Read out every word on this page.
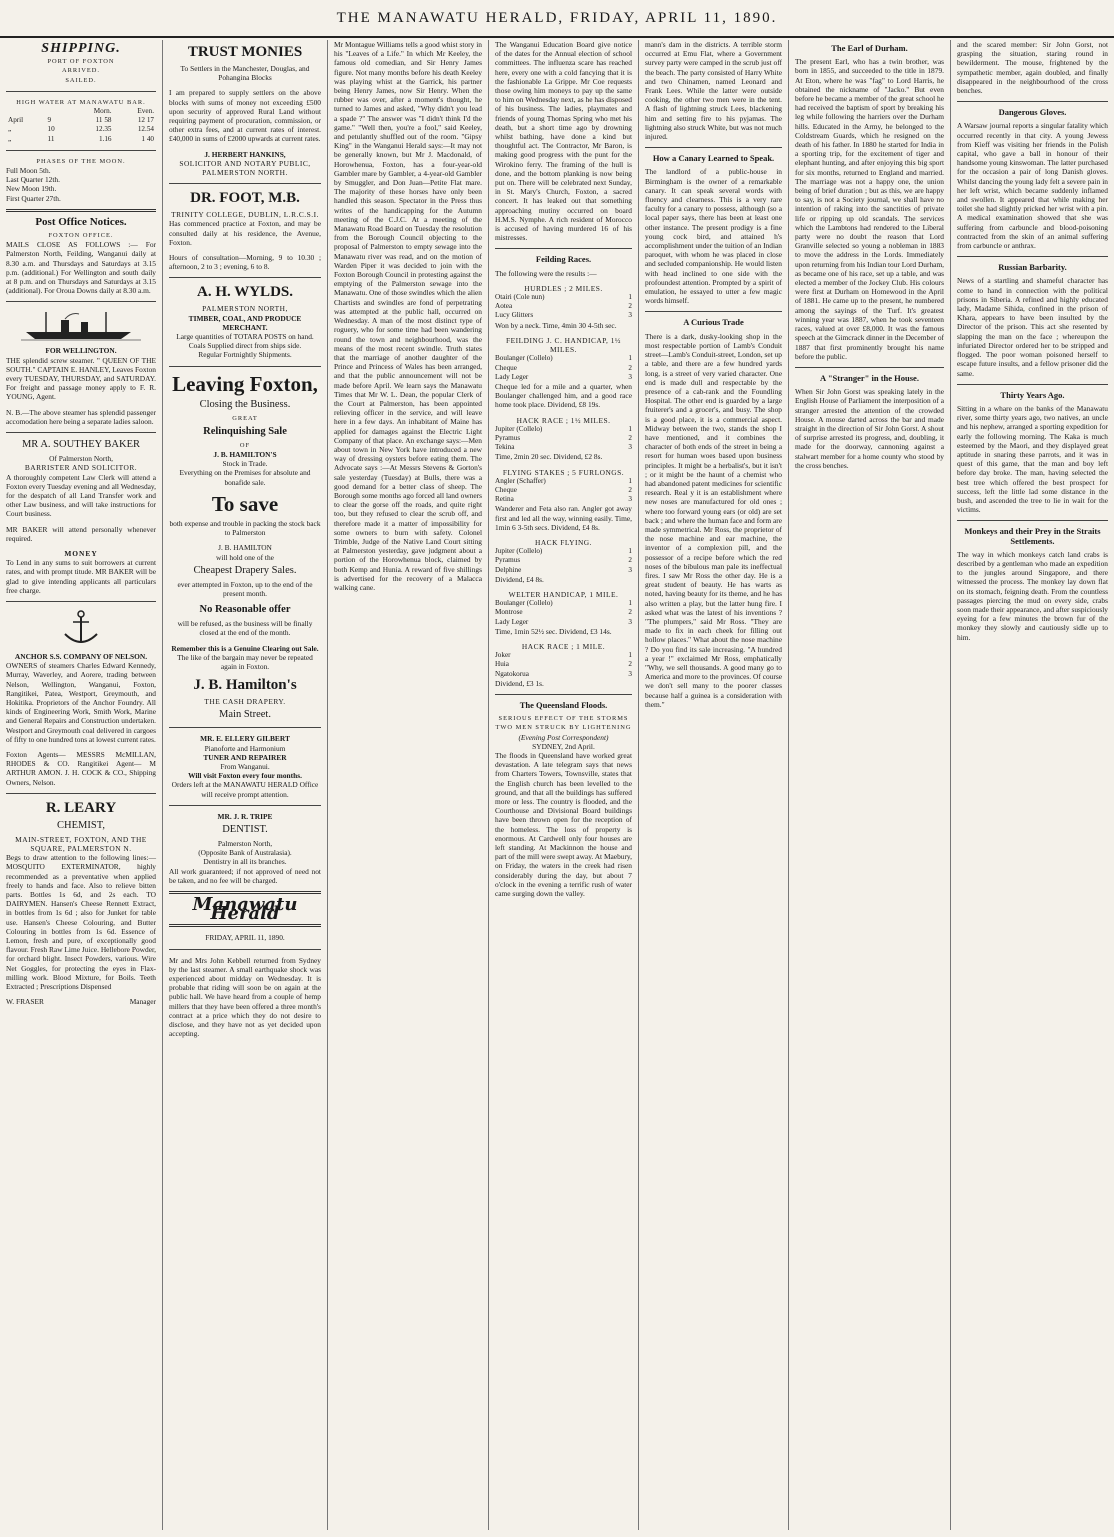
THE MANAWATU HERALD, FRIDAY, APRIL 11, 1890.
SHIPPING.
PORT OF FOXTON
ARRIVED.
SAILED.
HIGH WATER AT MANAWATU BAR.
		Morn.	Even.
April	9	11 58	12 17
„	10	12.35	12.54
„	11	1.16	1 40
PHASES OF THE MOON.
Full Moon 5th.
Last Quarter 12th.
New Moon 19th.
First Quarter 27th.
Post Office Notices.
FOXTON OFFICE.
MAILS CLOSE AS FOLLOWS :— For Palmerston North, Feilding, Wanganui daily at 8.30 a.m. and Thursdays and Saturdays at 3.15 p.m. (additional.) For Wellington and south daily at 8 p.m. and on Thursdays and Saturdays at 3.15 (additional). For Oroua Downs daily at 8.30 a.m.
FOR WELLINGTON.
THE splendid screw steamer. " QUEEN OF THE SOUTH." CAPTAIN E. HANLEY, Leaves Foxton every TUESDAY, THURSDAY, and SATURDAY. For freight and passage money apply to F. R. YOUNG, Agent.
N. B.—The above steamer has splendid passenger accomodation here being a separate ladies saloon.
MR A. SOUTHEY BAKER
Of Palmerston North,
BARRISTER AND SOLICITOR.
A thoroughly competent Law Clerk will attend a Foxton every Tuesday evening and all Wednesday, for the despatch of all Land Transfer work and other Law business, and will take instructions for Court business.
MR BAKER will attend personally whenever required.
MONEY
To Lend in any sums to suit borrowers at current rates, and with prompt titude. MR BAKER will be glad to give intending applicants all particulars free charge.
ANCHOR S.S. COMPANY OF NELSON.
OWNERS of steamers Charles Edward Kennedy, Murray, Waverley, and Aorere, trading between Nelson, Wellington, Wanganui, Foxton, Rangitikei, Patea, Westport, Greymouth, and Hokitika. Proprietors of the Anchor Foundry. All kinds of Engineering Work, Smith Work, Marine and General Repairs and Construction undertaken. Westport and Greymouth coal delivered in cargoes of fifty to one hundred tons at lowest current rates.
Foxton Agents— MESSRS McMILLAN, RHODES & CO. Rangitikei Agent— M ARTHUR AMON. J. H. COCK & CO., Shipping Owners, Nelson.
R. LEARY
CHEMIST,
MAIN-STREET, FOXTON, AND THE SQUARE, PALMERSTON N.
Begs to draw attention to the following lines:— MOSQUITO EXTERMINATOR, highly recommended as a preventative when applied freely to hands and face. Also to relieve bitten parts. Bottles 1s 6d, and 2s each. TO DAIRYMEN. Hansen's Cheese Rennett Extract, in bottles from 1s 6d ; also for Junket for table use. Hansen's Cheese Colouring, and Butter Colouring in bottles from 1s 6d. Essence of Lemon, fresh and pure, of exceptionally good flavour. Fresh Raw Lime Juice. Hellebore Powder, for orchard blight. Insect Powders, various. Wire Net Goggles, for protecting the eyes in Flax-milling work. Blood Mixture, for Boils. Teeth Extracted ; Prescriptions Dispensed
W. FRASER	Manager
TRUST MONIES
To Settlers in the Manchester, Douglas, and Pohangina Blocks
I am prepared to supply settlers on the above blocks with sums of money not exceeding £500 upon security of approved Rural Land without requiring payment of procuration, commission, or other extra fees, and at current rates of interest. £40,000 in sums of £2000 upwards at current rates.
J. HERBERT HANKINS,
SOLICITOR AND NOTARY PUBLIC, PALMERSTON NORTH.
DR. FOOT, M.B.
TRINITY COLLEGE, DUBLIN, L.R.C.S.I.
Has commenced practice at Foxton, and may be consulted daily at his residence, the Avenue, Foxton.
Hours of consultation—Morning, 9 to 10.30 ; afternoon, 2 to 3 ; evening, 6 to 8.
A. H. WYLDS.
PALMERSTON NORTH,
TIMBER, COAL, AND PRODUCE MERCHANT.
Large quantities of TOTARA POSTS on hand.
Coals Supplied direct from ships side.
Regular Fortnightly Shipments.
Leaving Foxton,
Closing the Business.
GREAT
Relinquishing Sale
OF
J. B. HAMILTON'S
Stock in Trade.
Everything on the Premises for absolute and bonafide sale.
To save
both expense and trouble in packing the stock back to Palmerston
J. B. HAMILTON
will hold one of the
Cheapest Drapery Sales.
ever attempted in Foxton, up to the end of the present month.
No Reasonable offer
will be refused, as the business will be finally closed at the end of the month.
Remember this is a Genuine Clearing out Sale.
The like of the bargain may never be repeated again in Foxton.
J. B. Hamilton's
THE CASH DRAPERY.
Main Street.
MR. E. ELLERY GILBERT
Pianoforte and Harmonium
TUNER AND REPAIRER
From Wanganui.
Will visit Foxton every four months.
Orders left at the MANAWATU HERALD Office will receive prompt attention.
MR. J. R. TRIPE
DENTIST.
Palmerston North,
(Opposite Bank of Australasia).
Dentistry in all its branches.
All work guaranteed; if not approved of need not be taken, and no fee will be charged.
Manawatu Herald
FRIDAY, APRIL 11, 1890.
Mr and Mrs John Kebbell returned from Sydney by the last steamer. A small earthquake shock was experienced about midday on Wednesday. It is probable that riding will soon be on again at the public hall. We have heard from a couple of hemp millers that they have been offered a three month's contract at a price which they do not desire to disclose, and they have not as yet decided upon accepting.
Mr Montague Williams tells a good whist story in his "Leaves of a Life." In which Mr Keeley, the famous old comedian, and Sir Henry James figure. Not many months before his death Keeley was playing whist at the Garrick, his partner being Henry James, now Sir Henry. When the rubber was over, after a moment's thought, he turned to James and asked, "Why didn't you lead a spade ?" The answer was "I didn't think I'd the game." "Well then, you're a fool," said Keeley, and petulantly shuffled out of the room. "Gipsy King" in the Wanganui Herald says:—It may not be generally known, but Mr J. Macdonald, of Horowhenua, Foxton, has a four-year-old Gambler mare by Gambler, a 4-year-old Gambler by Smuggler, and Don Juan—Petite Flat mare. The majority of these horses have only been handled this season. Spectator in the Press thus writes of the handicapping for the Autumn meeting of the C.J.C. At a meeting of the Manawatu Road Board on Tuesday the resolution from the Borough Council objecting to the proposal of Palmerston to empty sewage into the Manawatu river was read, and on the motion of Warden Piper it was decided to join with the Foxton Borough Council in protesting against the emptying of the Palmerston sewage into the Manawatu. One of those swindles which the alien Chartists and swindles are fond of perpetrating was attempted at the public hall, occurred on Wednesday. A man of the most distinct type of roguery, who for some time had been wandering round the town and neighbourhood, was the means of the most recent swindle. Truth states that the marriage of another daughter of the Prince and Princess of Wales has been arranged, and that the public announcement will not be made before April. We learn says the Manawatu Times that Mr W. L. Dean, the popular Clerk of the Court at Palmerston, has been appointed relieving officer in the service, and will leave here in a few days. An inhabitant of Maine has applied for damages against the Electric Light Company of that place. An exchange says:—Men about town in New York have introduced a new way of dressing oysters before eating them. The Advocate says :—At Messrs Stevens & Gorton's sale yesterday (Tuesday) at Bulls, there was a good demand for a better class of sheep. The Borough some months ago forced all land owners to clear the gorse off the roads, and quite right too, but they refused to clear the scrub off, and therefore made it a matter of impossibility for some owners to burn with safety. Colonel Trimble, Judge of the Native Land Court sitting at Palmerston yesterday, gave judgment about a portion of the Horowhenua block, claimed by both Kemp and Hunia. A reward of five shillings is advertised for the recovery of a Malacca walking cane.
The Wanganui Education Board give notice of the dates for the Annual election of school committees. The influenza scare has reached here, every one with a cold fancying that it is the fashionable La Grippe. Mr Coe requests those owing him moneys to pay up the same to him on Wednesday next, as he has disposed of his business. The ladies, playmates and friends of young Thomas Spring who met his death, but a short time ago by drowning whilst bathing, have done a kind but thoughtful act. The Contractor, Mr Baron, is making good progress with the punt for the Wirokino ferry. The framing of the hull is done, and the bottom planking is now being put on. There will be celebrated next Sunday, in St. Mary's Church, Foxton, a sacred concert. It has leaked out that something approaching mutiny occurred on board H.M.S. Nymphe. A rich resident of Morocco is accused of having murdered 16 of his mistresses.
Feilding Races.
The following were the results :—
HURDLES ; 2 MILES.
Otairi (Cole nun)	1
Aotea	2
Lucy Glitters	3
Won by a neck. Time, 4min 30 4-5th sec.
FEILDING J. C. HANDICAP, 1½ MILES.
Boulanger (Collelo)	1
Cheque	2
Lady Leger	3
Cheque led for a mile and a quarter, when Boulanger challenged him, and a good race home took place. Dividend, £8 19s.
HACK RACE ; 1½ MILES.
Jupiter (Collelo)	1
Pyramus	2
Tekina	3
Time, 2min 20 sec. Dividend, £2 8s.
FLYING STAKES ; 5 FURLONGS.
Angler (Schaffer)	1
Cheque	2
Retina	3
Wanderer and Feta also ran. Angler got away first and led all the way, winning easily. Time, 1min 6 3-5th secs. Dividend, £4 8s.
HACK FLYING.
Jupiter (Collelo)	1
Pyramus	2
Delphine	3
Dividend, £4 8s.
WELTER HANDICAP, 1 MILE.
Boulanger (Collelo)	1
Montrose	2
Lady Leger	3
Time, 1min 52½ sec. Dividend, £3 14s.
HACK RACE ; 1 MILE.
Joker	1
Huia	2
Ngatokorua	3
Dividend, £3 1s.
The Queensland Floods.
SERIOUS EFFECT OF THE STORMS TWO MEN STRUCK BY LIGHTENING
(Evening Post Correspondent)
SYDNEY, 2nd April.
The floods in Queensland have worked great devastation. A late telegram says that news from Charters Towers, Townsville, states that the English church has been levelled to the ground, and that all the buildings has suffered more or less. The country is flooded, and the Courthouse and Divisional Board buildings have been thrown open for the reception of the homeless. The loss of property is enormous. At Cardwell only four houses are left standing. At Mackinnon the house and part of the mill were swept away. At Maebury, on Friday, the waters in the creek had risen considerably during the day, but about 7 o'clock in the evening a terrific rush of water came surging down the valley.
mann's dam in the districts. A terrible storm occurred at Emu Flat, where a Government survey party were camped in the scrub just off the beach. The party consisted of Harry White and two Chinamen, named Leonard and Frank Lees. While the latter were outside cooking, the other two men were in the tent. A flash of lightning struck Lees, blackening him and setting fire to his pyjamas. The lightning also struck White, but was not much injured.
How a Canary Learned to Speak.
The landlord of a public-house in Birmingham is the owner of a remarkable canary. It can speak several words with fluency and clearness. This is a very rare faculty for a canary to possess, although (so a local paper says, there has been at least one other instance. The present prodigy is a fine young cock bird, and attained h's accomplishment under the tuition of an Indian paroquet, with whom he was placed in close and secluded companionship. He would listen with head inclined to one side with the profoundest attention. Prompted by a spirit of emulation, he essayed to utter a few magic words himself.
A Curious Trade
There is a dark, dusky-looking shop in the most respectable portion of Lamb's Conduit street—Lamb's Conduit-street, London, set up a table, and there are a few hundred yards long, is a street of very varied character. One end is made dull and respectable by the presence of a cab-rank and the Foundling Hospital. The other end is guarded by a large fruiterer's and a grocer's, and busy. The shop is a good place, it is a commercial aspect. Midway between the two, stands the shop I have mentioned, and it combines the character of both ends of the street in being a resort for human woes based upon business principles. It might be a herbalist's, but it isn't ; or it might be the haunt of a chemist who had abandoned patent medicines for scientific research. Real y it is an establishment where new noses are manufactured for old ones ; where too forward young ears (or old) are set back ; and where the human face and form are made symmetrical. Mr Ross, the proprietor of the nose machine and ear machine, the inventor of a complexion pill, and the possessor of a recipe before which the red noses of the bibulous man pale its ineffectual fires. I saw Mr Ross the other day. He is a great student of beauty. He has warts as noted, having beauty for its theme, and he has also written a play, but the latter hung fire. I asked what was the latest of his inventions ? "The plumpers," said Mr Ross. "They are made to fix in each cheek for filling out hollow places." What about the nose machine ? Do you find its sale increasing. "A hundred a year !" exclaimed Mr Ross, emphatically "Why, we sell thousands. A good many go to America and more to the provinces. Of course we don't sell many to the poorer classes because half a guinea is a consideration with them."
The Earl of Durham.
The present Earl, who has a twin brother, was born in 1855, and succeeded to the title in 1879. At Eton, where he was "fag" to Lord Harris, he obtained the nickname of "Jacko." But even before he became a member of the great school he had received the baptism of sport by breaking his leg while following the harriers over the Durham hills. Educated in the Army, he belonged to the Coldstream Guards, which he resigned on the death of his father. In 1880 he started for India in a sporting trip, for the excitement of tiger and elephant hunting, and after enjoying this big sport for six months, returned to England and married. The marriage was not a happy one, the union being of brief duration ; but as this, we are happy to say, is not a Society journal, we shall have no intention of raking into the sanctities of private life or ripping up old scandals. The services which the Lambtons had rendered to the Liberal party were no doubt the reason that Lord Granville selected so young a nobleman in 1883 to move the address in the Lords. Immediately upon returning from his Indian tour Lord Durham, as became one of his race, set up a table, and was elected a member of the Jockey Club. His colours were first at Durham on Homewood in the April of 1881. He came up to the present, he numbered among the sayings of the Turf. It's greatest winning year was 1887, when he took seventeen races, valued at over £8,000. It was the famous speech at the Gimcrack dinner in the December of 1887 that first prominently brought his name before the public.
A "Stranger" in the House.
When Sir John Gorst was speaking lately in the English House of Parliament the interposition of a stranger arrested the attention of the crowded House. A mouse darted across the bar and made straight in the direction of Sir John Gorst. A shout of surprise arrested its progress, and, doubling, it made for the doorway, cannoning against a stalwart member for a home county who stood by the cross benches.
and the scared member: Sir John Gorst, not grasping the situation, staring round in bewilderment. The mouse, frightened by the sympathetic member, again doubled, and finally disappeared in the neighbourhood of the cross benches.
Dangerous Gloves.
A Warsaw journal reports a singular fatality which occurred recently in that city. A young Jewess from Kieff was visiting her friends in the Polish capital, who gave a ball in honour of their handsome young kinswoman. The latter purchased for the occasion a pair of long Danish gloves. Whilst dancing the young lady felt a severe pain in her left wrist, which became suddenly inflamed and swollen. It appeared that while making her toilet she had slightly pricked her wrist with a pin. A medical examination showed that she was suffering from carbuncle and blood-poisoning contracted from the skin of an animal suffering from carbuncle or anthrax.
Russian Barbarity.
News of a startling and shameful character has come to hand in connection with the political prisons in Siberia. A refined and highly educated lady, Madame Sihida, confined in the prison of Khara, appears to have been insulted by the Director of the prison. This act she resented by slapping the man on the face ; whereupon the infuriated Director ordered her to be stripped and flogged. The poor woman poisoned herself to escape future insults, and a fellow prisoner did the same.
Thirty Years Ago.
Sitting in a whare on the banks of the Manawatu river, some thirty years ago, two natives, an uncle and his nephew, arranged a sporting expedition for early the following morning. The Kaka is much esteemed by the Maori, and they displayed great aptitude in snaring these parrots, and it was in quest of this game, that the man and boy left before day broke. The man, having selected the best tree which offered the best prospect for success, left the little lad some distance in the bush, and ascended the tree to lie in wait for the victims.
Monkeys and their Prey in the Straits Settlements.
The way in which monkeys catch land crabs is described by a gentleman who made an expedition to the jungles around Singapore, and there witnessed the process. The monkey lay down flat on its stomach, feigning death. From the countless passages piercing the mud on every side, crabs soon made their appearance, and after suspiciously eyeing for a few minutes the brown fur of the monkey they slowly and cautiously sidle up to him.
